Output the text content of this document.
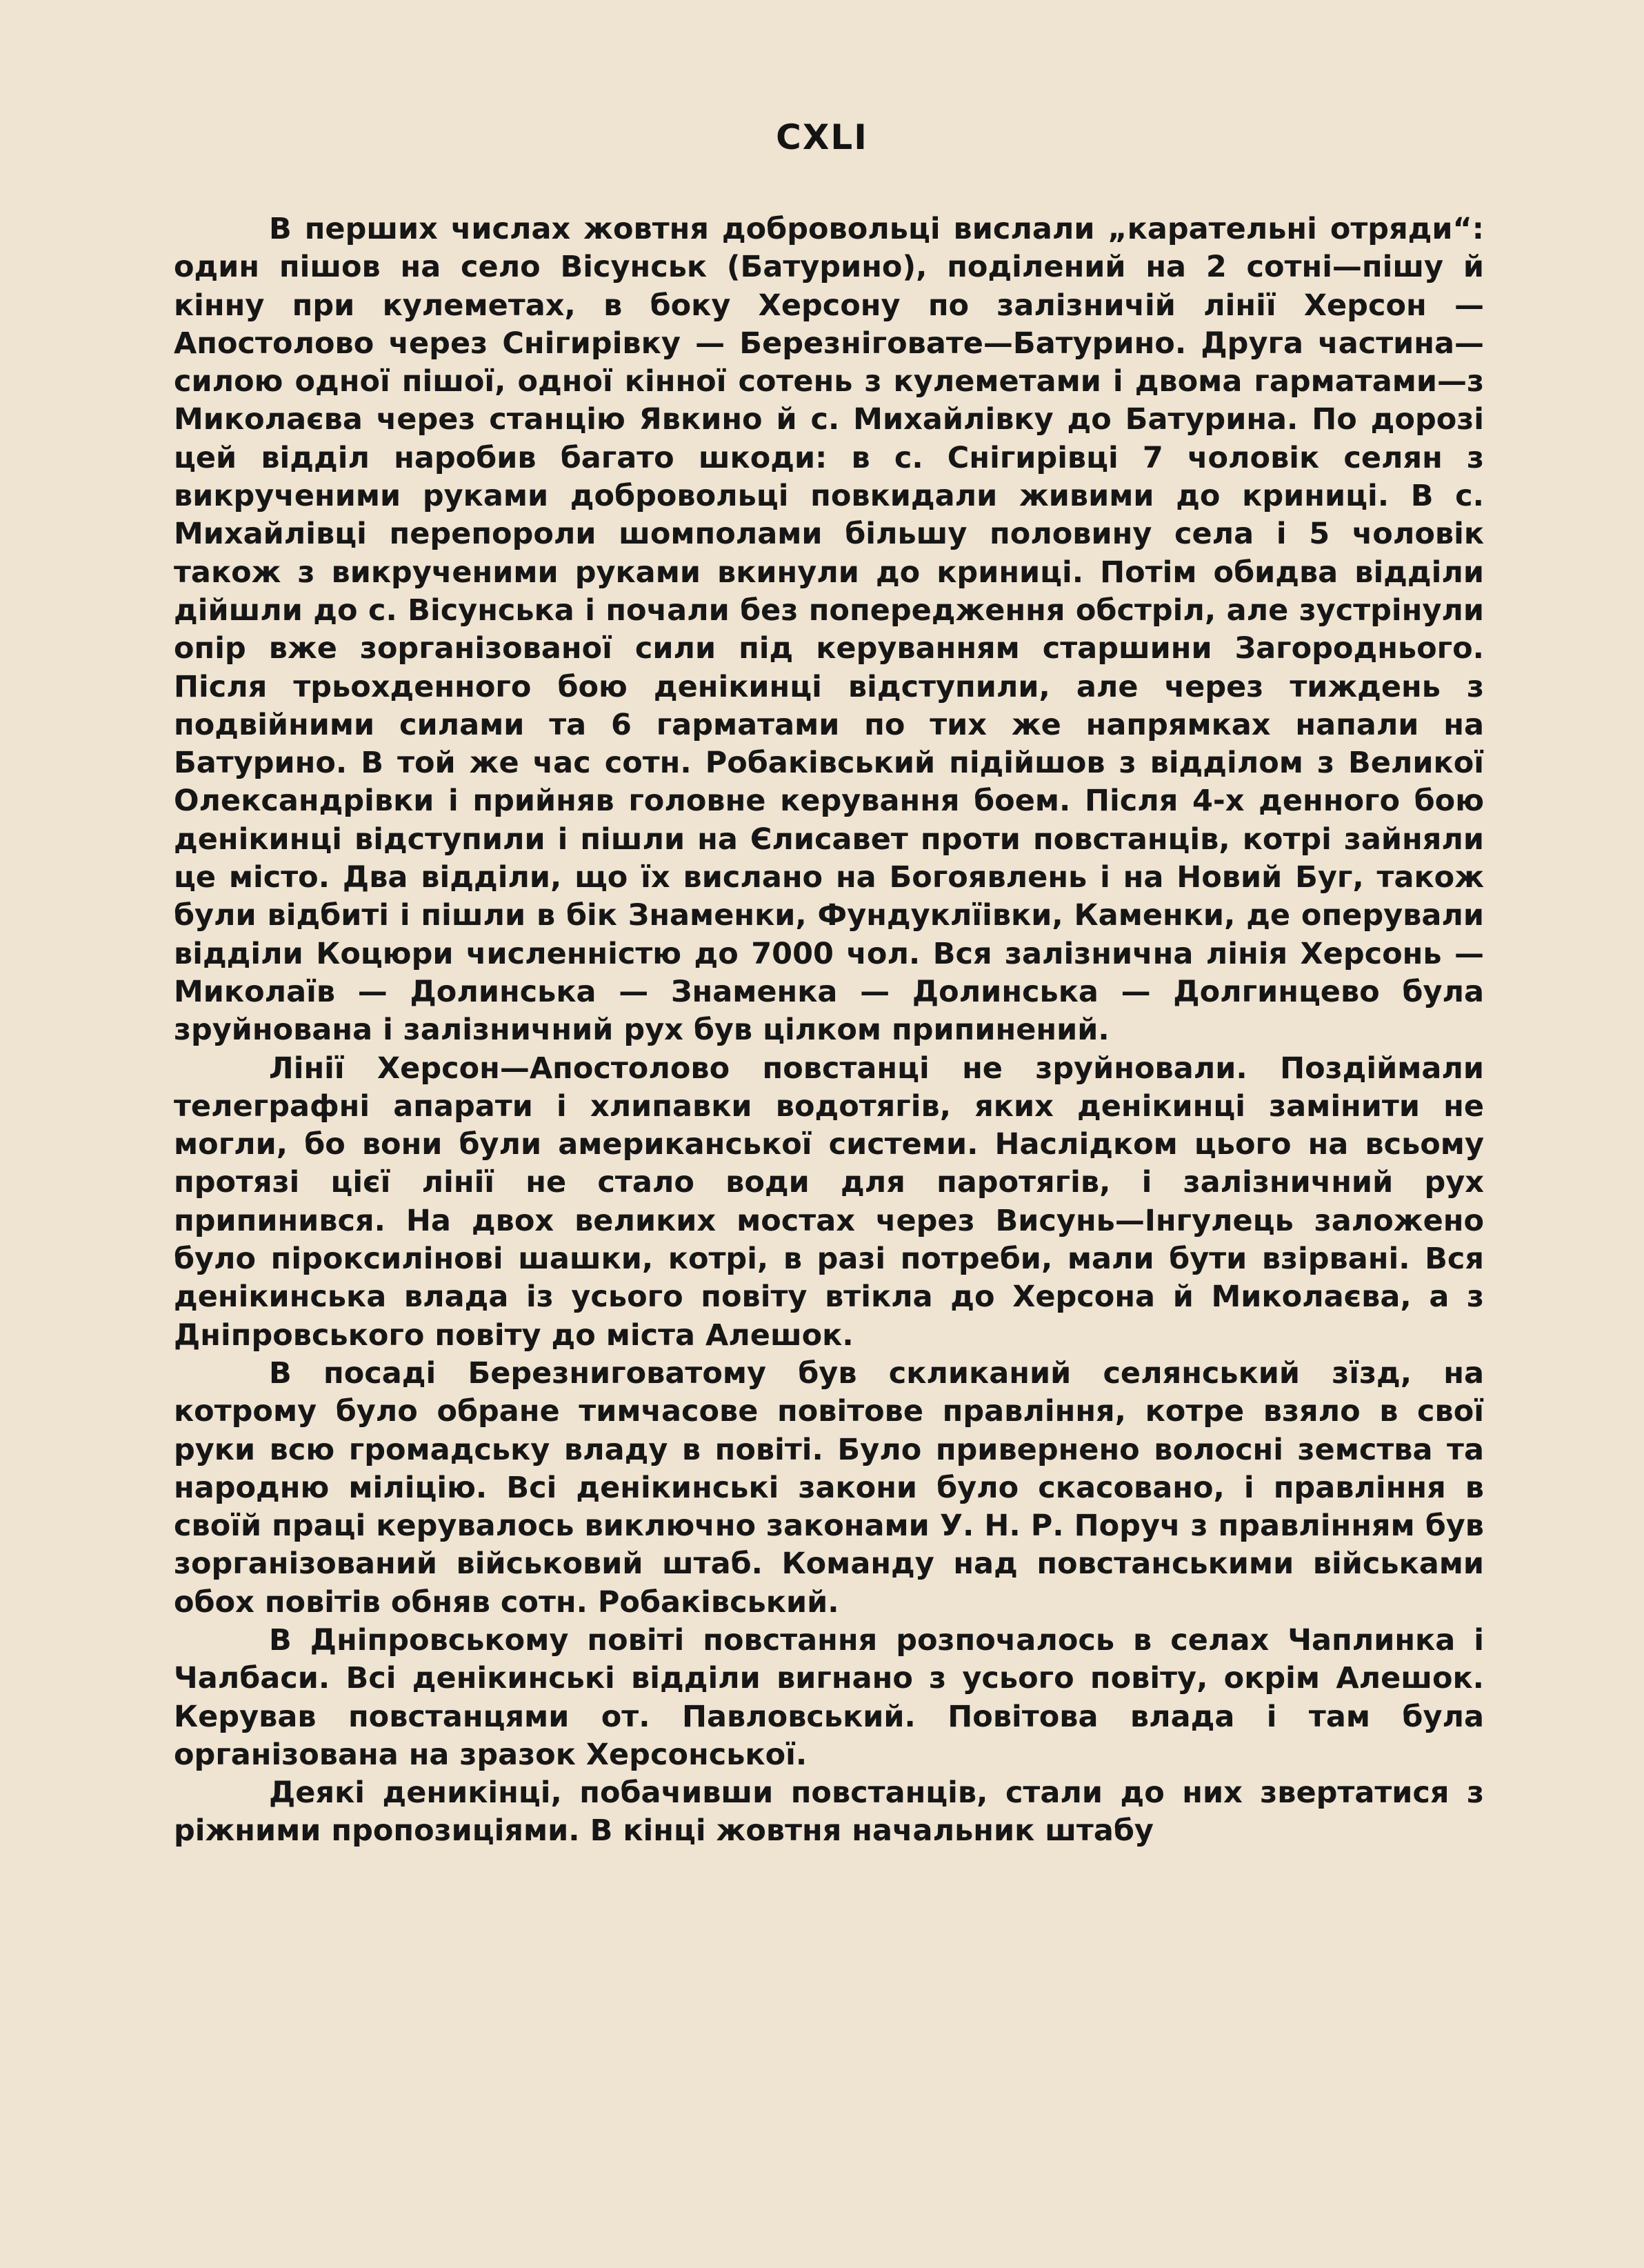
CXLI

В перших числах жовтня добровольці вислали „карательні отряди“: один пішов на село Вісунськ (Батурино), поділений на 2 сотні—пішу й кінну при кулеметах, в боку Херсону по залізничій лінії Херсон — Апостолово через Снігирівку — Березніговате—Батурино. Друга частина—силою одної пішої, одної кінної сотень з кулеметами і двома гарматами—з Миколаєва через станцію Явкино й с. Михайлівку до Батурина. По дорозі цей відділ наробив багато шкоди: в с. Снігирівці 7 чоловік селян з викрученими руками добровольці повкидали живими до криниці. В с. Михайлівці перепороли шомполами більшу половину села і 5 чоловік також з викрученими руками вкинули до криниці. Потім обидва відділи дійшли до с. Вісунська і почали без попередження обстріл, але зустрінули опір вже зорганізованої сили під керуванням старшини Загороднього. Після трьохденного бою денікинці відступили, але через тиждень з подвійними силами та 6 гарматами по тих же напрямках напали на Батурино. В той же час сотн. Робаківський підійшов з відділом з Великої Олександрівки і прийняв головне керування боем. Після 4-х денного бою денікинці відступили і пішли на Єлисавет проти повстанців, котрі зайняли це місто. Два відділи, що їх вислано на Богоявлень і на Новий Буг, також були відбиті і пішли в бік Знаменки, Фундуклїівки, Каменки, де оперували відділи Коцюри численністю до 7000 чол. Вся залізнична лінія Херсонь — Миколаїв — Долинська — Знаменка — Долинська — Долгинцево була зруйнована і залізничний рух був цілком припинений.

Лінії Херсон—Апостолово повстанці не зруйновали. Поздіймали телеграфні апарати і хлипавки водотягів, яких денікинці замінити не могли, бо вони були американської системи. Наслідком цього на всьому протязі цієї лінії не стало води для паротягів, і залізничний рух припинився. На двох великих мостах через Висунь—Інгулець заложено було піроксилінові шашки, котрі, в разі потреби, мали бути взірвані. Вся денікинська влада із усього повіту втікла до Херсона й Миколаєва, а з Дніпровського повіту до міста Алешок.

В посаді Березниговатому був скликаний селянський зїзд, на котрому було обране тимчасове повітове правління, котре взяло в свої руки всю громадську владу в повіті. Було привернено волосні земства та народню міліцію. Всі денікинські закони було скасовано, і правління в своїй праці керувалось виключно законами У. Н. Р. Поруч з правлінням був зорганізований військовий штаб. Команду над повстанськими військами обох повітів обняв сотн. Робаківський.

В Дніпровському повіті повстання розпочалось в селах Чаплинка і Чалбаси. Всі денікинські відділи вигнано з усього повіту, окрім Алешок. Керував повстанцями от. Павловський. Повітова влада і там була організована на зразок Херсонської.

Деякі деникінці, побачивши повстанців, стали до них звертатися з ріжними пропозиціями. В кінці жовтня начальник штабу
